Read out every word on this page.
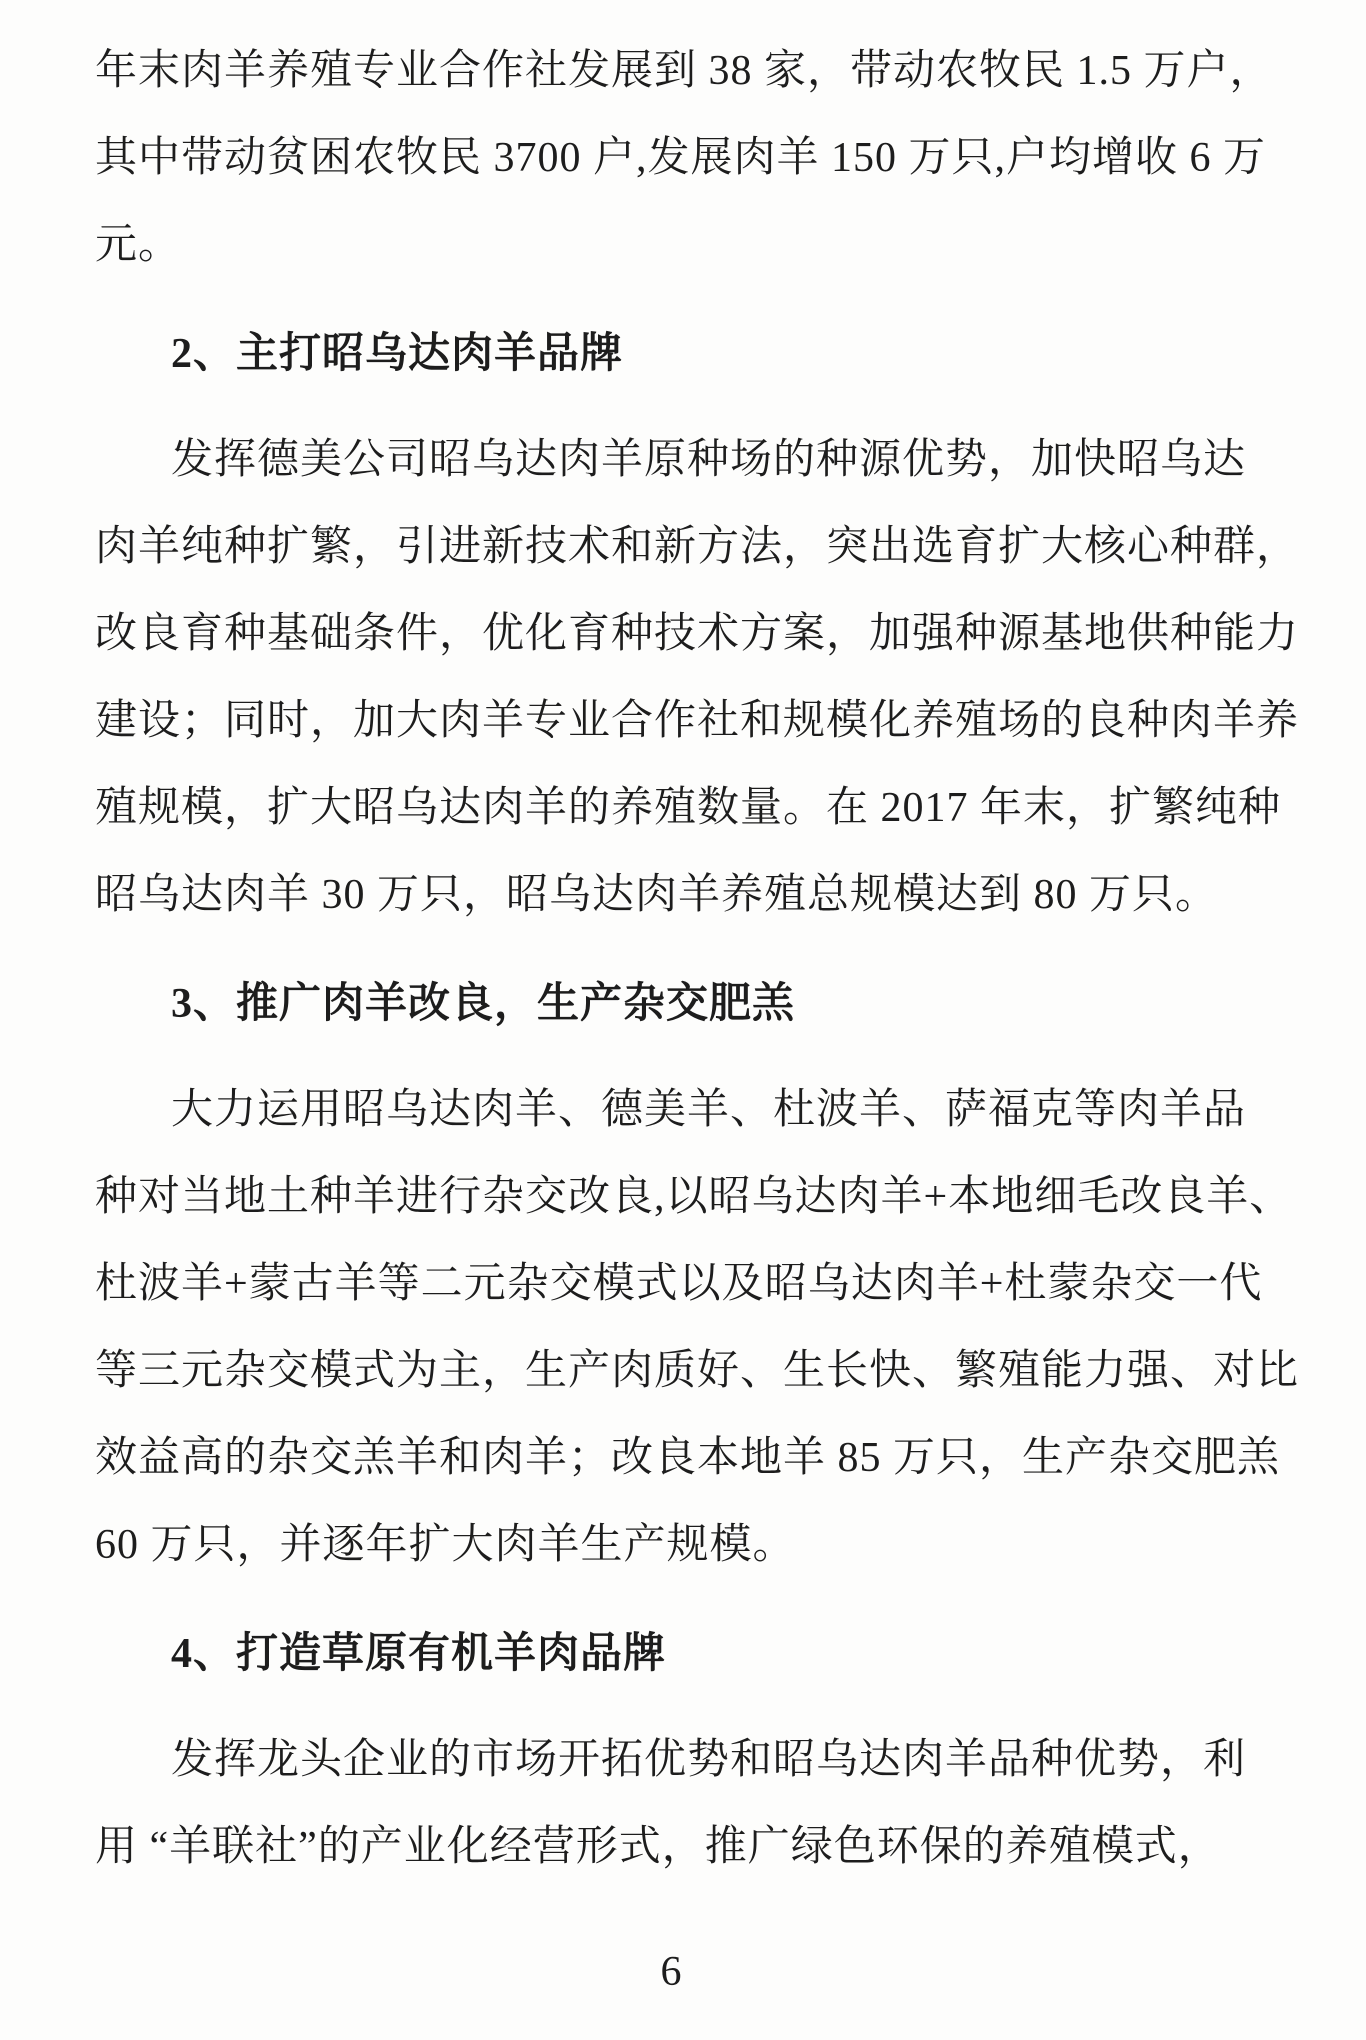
年末肉羊养殖专业合作社发展到 38 家，带动农牧民 1.5 万户，
其中带动贫困农牧民 3700 户,发展肉羊 150 万只,户均增收 6 万
元。
2、主打昭乌达肉羊品牌
发挥德美公司昭乌达肉羊原种场的种源优势，加快昭乌达
肉羊纯种扩繁，引进新技术和新方法，突出选育扩大核心种群，
改良育种基础条件，优化育种技术方案，加强种源基地供种能力
建设；同时，加大肉羊专业合作社和规模化养殖场的良种肉羊养
殖规模，扩大昭乌达肉羊的养殖数量。在 2017 年末，扩繁纯种
昭乌达肉羊 30 万只，昭乌达肉羊养殖总规模达到 80 万只。
3、推广肉羊改良，生产杂交肥羔
大力运用昭乌达肉羊、德美羊、杜波羊、萨福克等肉羊品
种对当地土种羊进行杂交改良,以昭乌达肉羊+本地细毛改良羊、
杜波羊+蒙古羊等二元杂交模式以及昭乌达肉羊+杜蒙杂交一代
等三元杂交模式为主，生产肉质好、生长快、繁殖能力强、对比
效益高的杂交羔羊和肉羊；改良本地羊 85 万只，生产杂交肥羔
60 万只，并逐年扩大肉羊生产规模。
4、打造草原有机羊肉品牌
发挥龙头企业的市场开拓优势和昭乌达肉羊品种优势，利
用 “羊联社”的产业化经营形式，推广绿色环保的养殖模式，
6
